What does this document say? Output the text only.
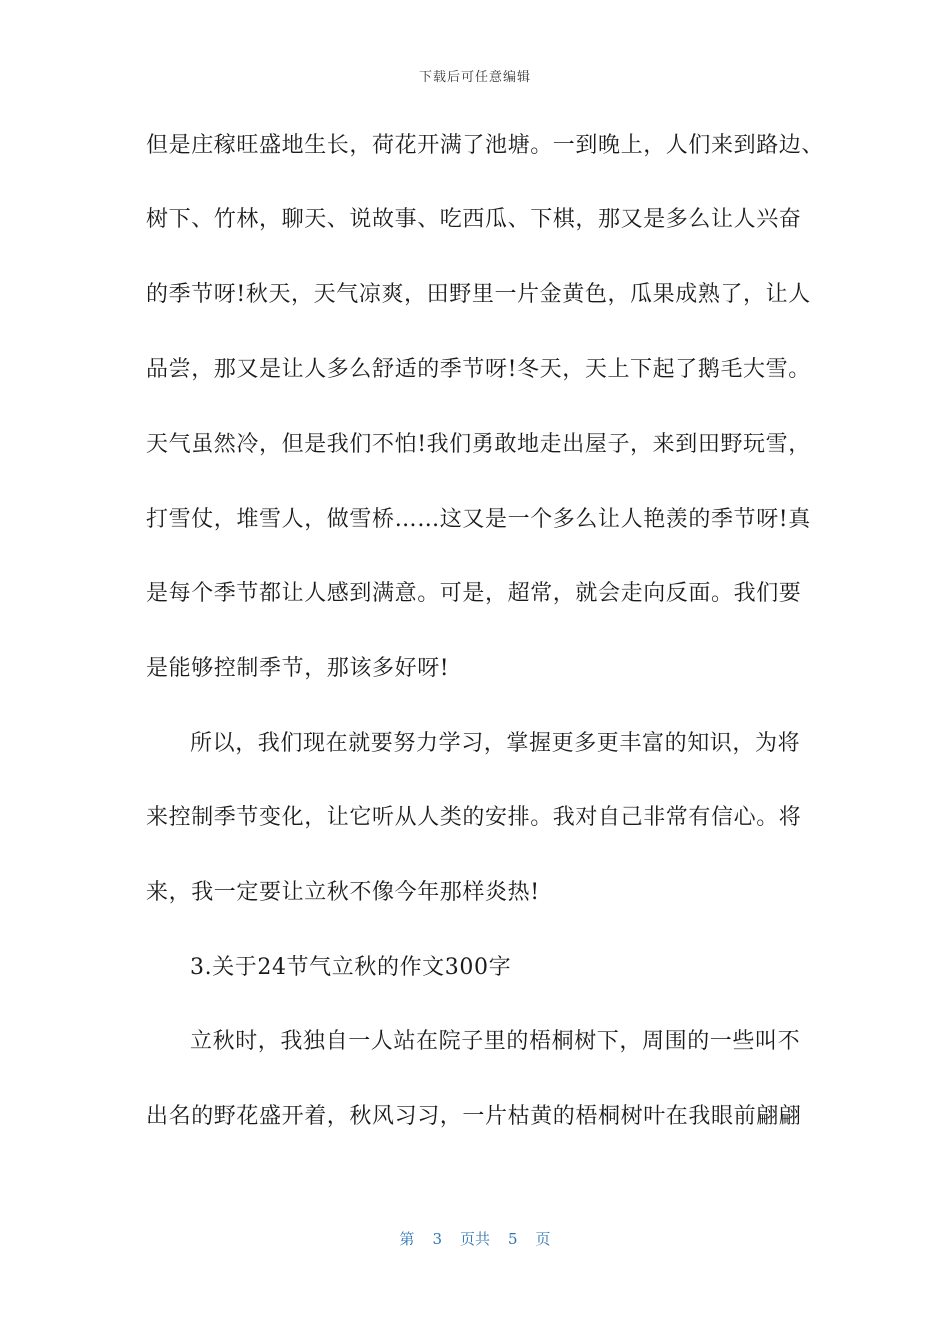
下载后可任意编辑
但是庄稼旺盛地生长，荷花开满了池塘。一到晚上，人们来到路边、
树下、竹林，聊天、说故事、吃西瓜、下棋，那又是多么让人兴奋
的季节呀!秋天，天气凉爽，田野里一片金黄色，瓜果成熟了，让人
品尝，那又是让人多么舒适的季节呀!冬天，天上下起了鹅毛大雪。
天气虽然冷，但是我们不怕!我们勇敢地走出屋子，来到田野玩雪，
打雪仗，堆雪人，做雪桥……这又是一个多么让人艳羡的季节呀!真
是每个季节都让人感到满意。可是，超常，就会走向反面。我们要
是能够控制季节，那该多好呀!
所以，我们现在就要努力学习，掌握更多更丰富的知识，为将
来控制季节变化，让它听从人类的安排。我对自己非常有信心。将
来，我一定要让立秋不像今年那样炎热!
3.关于24节气立秋的作文300字
立秋时，我独自一人站在院子里的梧桐树下，周围的一些叫不
出名的野花盛开着，秋风习习，一片枯黄的梧桐树叶在我眼前翩翩
第 3 页共 5 页
